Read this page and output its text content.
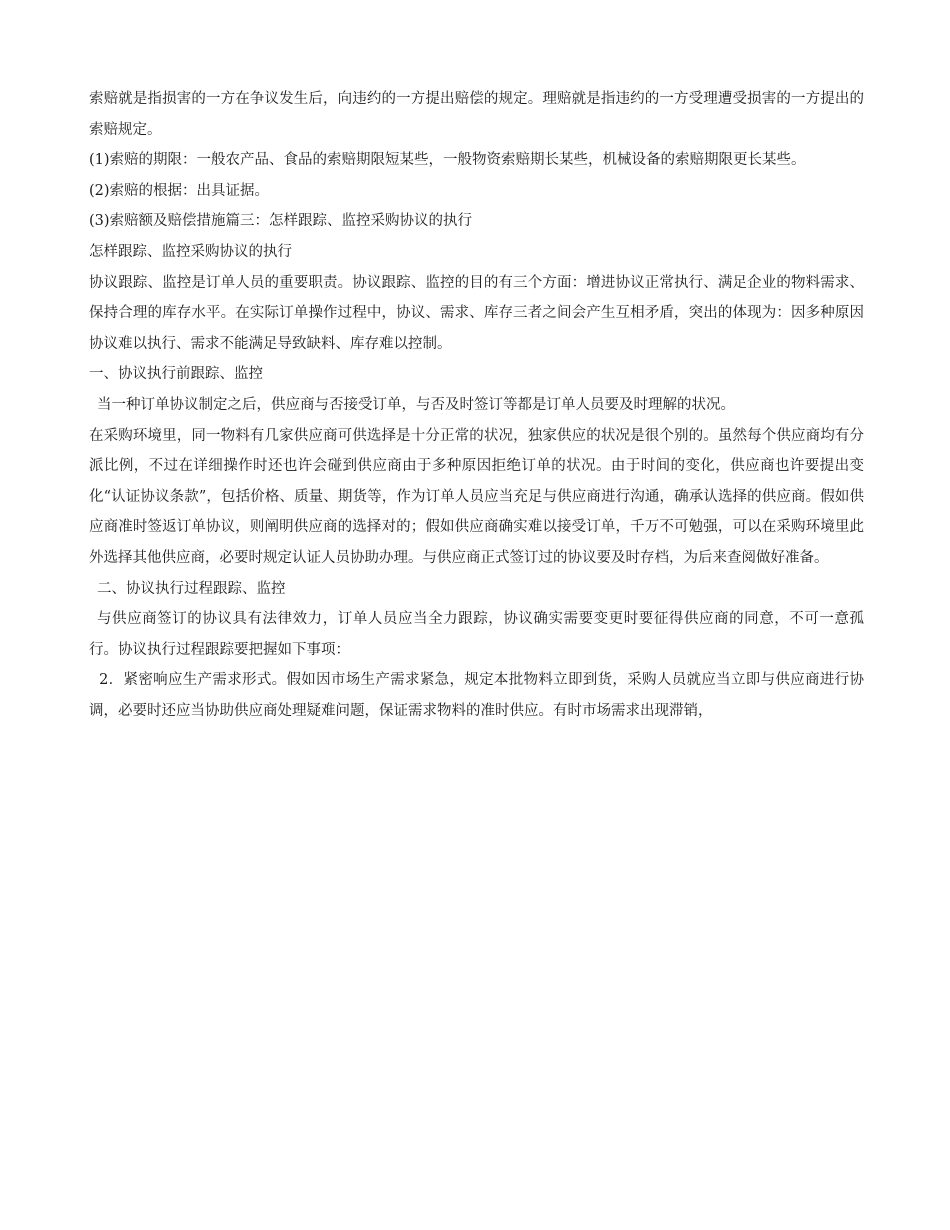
索赔就是指损害的一方在争议发生后，向违约的一方提出赔偿的规定。理赔就是指违约的一方受理遭受损害的一方提出的索赔规定。

(1)索赔的期限：一般农产品、食品的索赔期限短某些，一般物资索赔期长某些，机械设备的索赔期限更长某些。

(2)索赔的根据：出具证据。

(3)索赔额及赔偿措施篇三：怎样跟踪、监控采购协议的执行

怎样跟踪、监控采购协议的执行

协议跟踪、监控是订单人员的重要职责。协议跟踪、监控的目的有三个方面：增进协议正常执行、满足企业的物料需求、保持合理的库存水平。在实际订单操作过程中，协议、需求、库存三者之间会产生互相矛盾，突出的体现为：因多种原因协议难以执行、需求不能满足导致缺料、库存难以控制。

一、协议执行前跟踪、监控

当一种订单协议制定之后，供应商与否接受订单，与否及时签订等都是订单人员要及时理解的状况。

在采购环境里，同一物料有几家供应商可供选择是十分正常的状况，独家供应的状况是很个别的。虽然每个供应商均有分派比例，不过在详细操作时还也许会碰到供应商由于多种原因拒绝订单的状况。由于时间的变化，供应商也许要提出变化“认证协议条款”，包括价格、质量、期货等，作为订单人员应当充足与供应商进行沟通，确承认选择的供应商。假如供应商准时签返订单协议，则阐明供应商的选择对的；假如供应商确实难以接受订单，千万不可勉强，可以在采购环境里此外选择其他供应商，必要时规定认证人员协助办理。与供应商正式签订过的协议要及时存档，为后来查阅做好准备。

二、协议执行过程跟踪、监控

与供应商签订的协议具有法律效力，订单人员应当全力跟踪，协议确实需要变更时要征得供应商的同意，不可一意孤行。协议执行过程跟踪要把握如下事项：

2．紧密响应生产需求形式。假如因市场生产需求紧急，规定本批物料立即到货，采购人员就应当立即与供应商进行协调，必要时还应当协助供应商处理疑难问题，保证需求物料的准时供应。有时市场需求出现滞销，
